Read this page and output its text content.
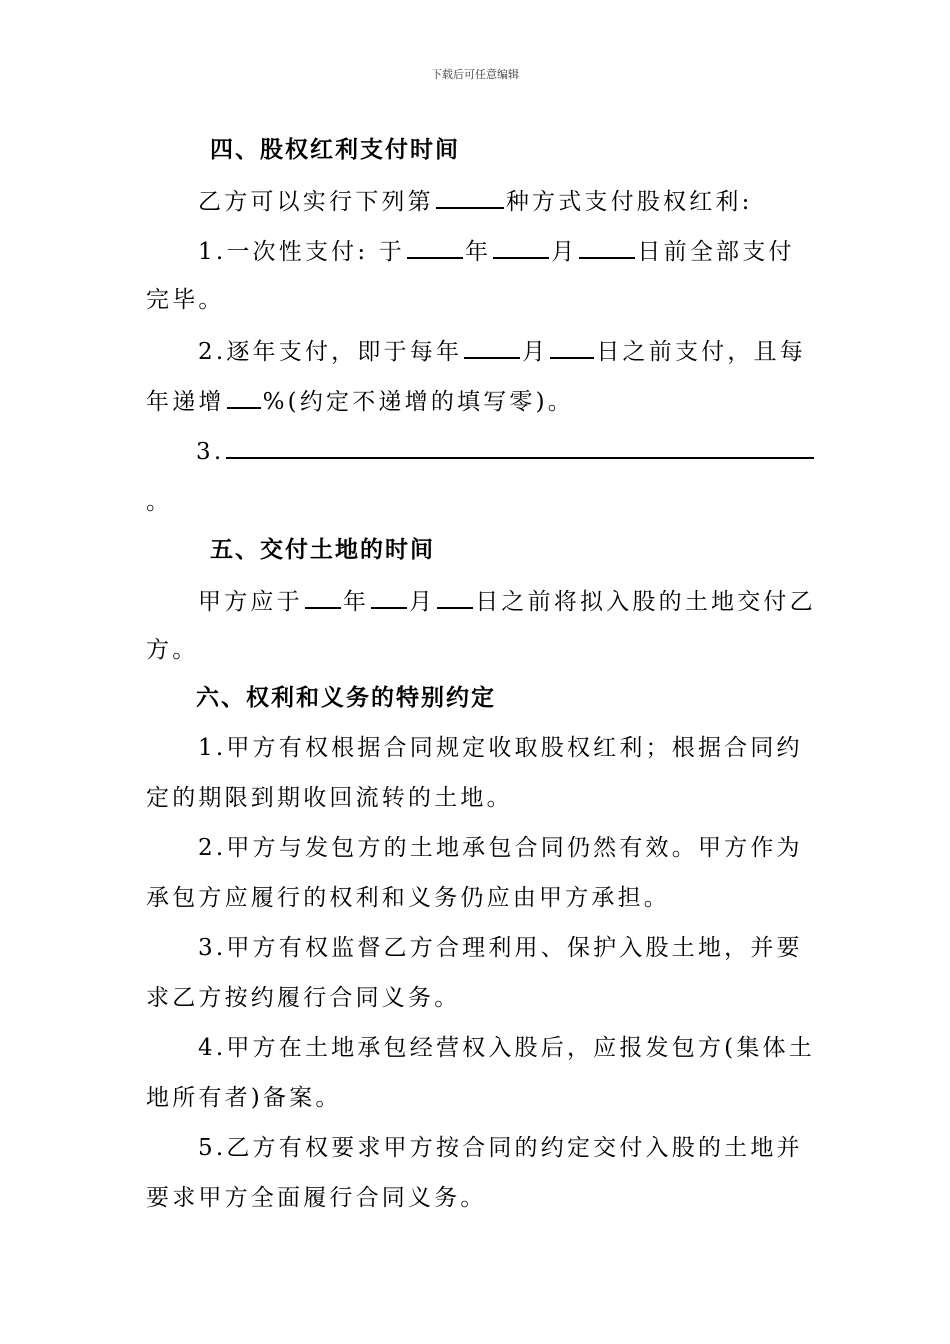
下载后可任意编辑
四、股权红利支付时间
乙方可以实行下列第	种方式支付股权红利:
1.一次性支付: 于	年	月	日前全部支付
完毕。
2.逐年支付，即于每年	月 日之前支付，且每
年递增 %(约定不递增的填写零)。
3.
。
五、交付土地的时间
甲方应于 年 月 日之前将拟入股的土地交付乙
方。
六、权利和义务的特别约定
1.甲方有权根据合同规定收取股权红利；根据合同约
定的期限到期收回流转的土地。
2.甲方与发包方的土地承包合同仍然有效。甲方作为
承包方应履行的权利和义务仍应由甲方承担。
3.甲方有权监督乙方合理利用、保护入股土地，并要
求乙方按约履行合同义务。
4.甲方在土地承包经营权入股后，应报发包方(集体土
地所有者)备案。
5.乙方有权要求甲方按合同的约定交付入股的土地并
要求甲方全面履行合同义务。
